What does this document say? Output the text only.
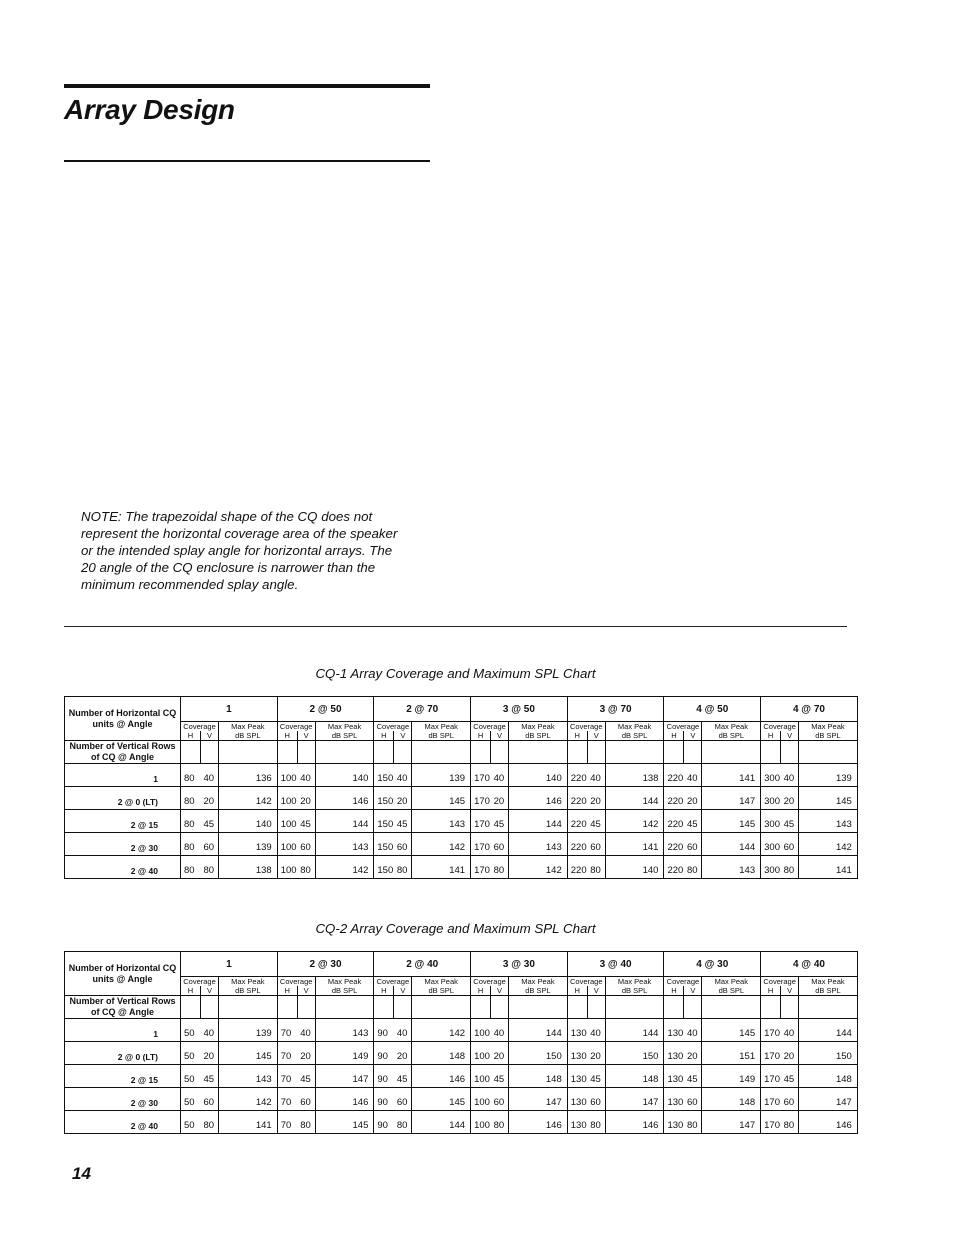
Array Design

NOTE: The trapezoidal shape of the CQ does not
represent the horizontal coverage area of the speaker
or the intended splay angle for horizontal arrays. The
20 angle of the CQ enclosure is narrower than the
minimum recommended splay angle.

CQ-1 Array Coverage and Maximum SPL Chart

Number of Horizontal CQ units @ Angle	1			2 @ 50			2 @ 70			3 @ 50			3 @ 70			4 @ 50			4 @ 70		
	Coverage		Max Peak	Coverage		Max Peak	Coverage		Max Peak	Coverage		Max Peak	Coverage		Max Peak	Coverage		Max Peak	Coverage		Max Peak
	H	V	dB SPL	H	V	dB SPL	H	V	dB SPL	H	V	dB SPL	H	V	dB SPL	H	V	dB SPL	H	V	dB SPL
Number of Vertical Rows of CQ @ Angle																					
1	80	40	136	100	40	140	150	40	139	170	40	140	220	40	138	220	40	141	300	40	139
2 @ 0 (LT)	80	20	142	100	20	146	150	20	145	170	20	146	220	20	144	220	20	147	300	20	145
2 @ 15	80	45	140	100	45	144	150	45	143	170	45	144	220	45	142	220	45	145	300	45	143
2 @ 30	80	60	139	100	60	143	150	60	142	170	60	143	220	60	141	220	60	144	300	60	142
2 @ 40	80	80	138	100	80	142	150	80	141	170	80	142	220	80	140	220	80	143	300	80	141

CQ-2 Array Coverage and Maximum SPL Chart

Number of Horizontal CQ units @ Angle	1			2 @ 30			2 @ 40			3 @ 30			3 @ 40			4 @ 30			4 @ 40		
	Coverage		Max Peak	Coverage		Max Peak	Coverage		Max Peak	Coverage		Max Peak	Coverage		Max Peak	Coverage		Max Peak	Coverage		Max Peak
	H	V	dB SPL	H	V	dB SPL	H	V	dB SPL	H	V	dB SPL	H	V	dB SPL	H	V	dB SPL	H	V	dB SPL
Number of Vertical Rows of CQ @ Angle																					
1	50	40	139	70	40	143	90	40	142	100	40	144	130	40	144	130	40	145	170	40	144
2 @ 0 (LT)	50	20	145	70	20	149	90	20	148	100	20	150	130	20	150	130	20	151	170	20	150
2 @ 15	50	45	143	70	45	147	90	45	146	100	45	148	130	45	148	130	45	149	170	45	148
2 @ 30	50	60	142	70	60	146	90	60	145	100	60	147	130	60	147	130	60	148	170	60	147
2 @ 40	50	80	141	70	80	145	90	80	144	100	80	146	130	80	146	130	80	147	170	80	146

14
